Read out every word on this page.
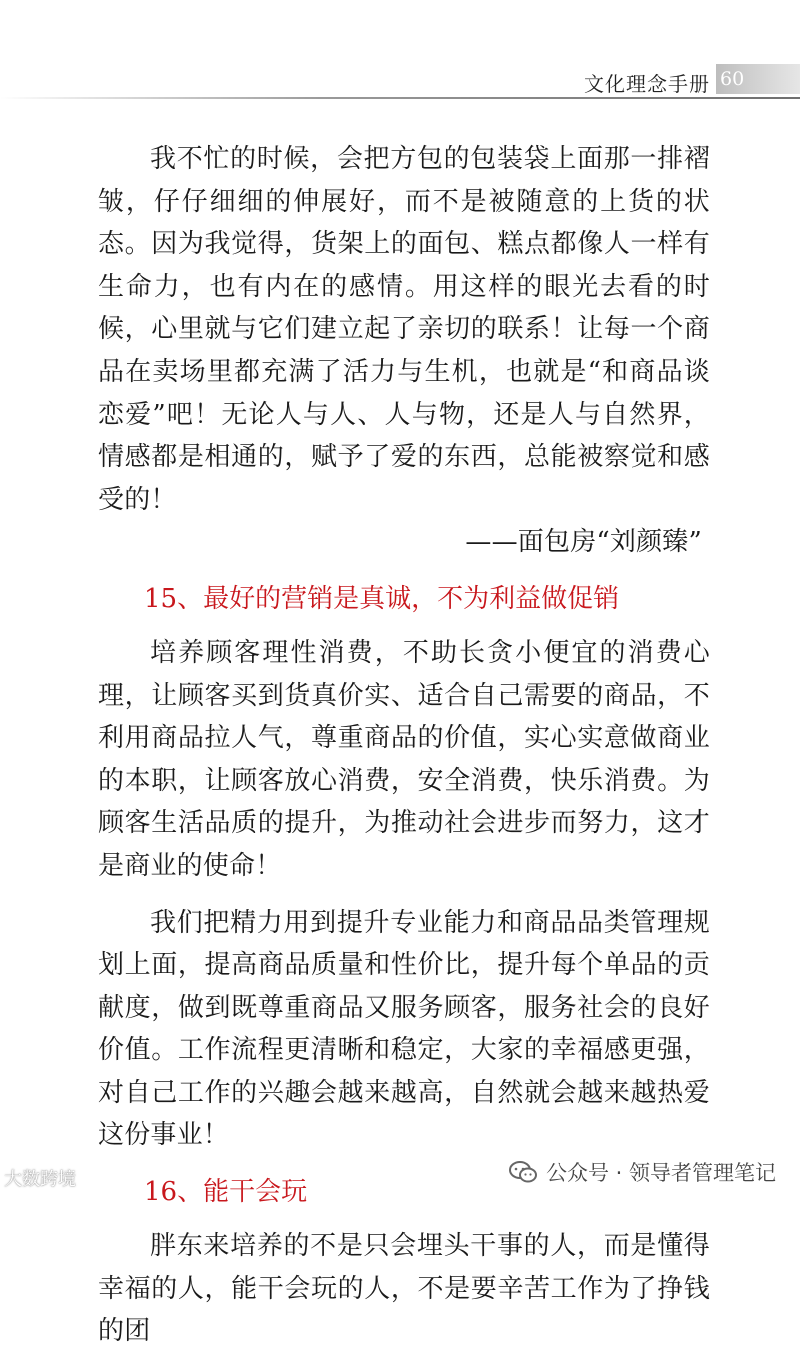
文化理念手册 60

我不忙的时候，会把方包的包装袋上面那一排褶皱，仔仔细细的伸展好，而不是被随意的上货的状态。因为我觉得，货架上的面包、糕点都像人一样有生命力，也有内在的感情。用这样的眼光去看的时候，心里就与它们建立起了亲切的联系！让每一个商品在卖场里都充满了活力与生机，也就是“和商品谈恋爱”吧！无论人与人、人与物，还是人与自然界，情感都是相通的，赋予了爱的东西，总能被察觉和感受的！

——面包房“刘颜臻”

15、最好的营销是真诚，不为利益做促销

培养顾客理性消费，不助长贪小便宜的消费心理，让顾客买到货真价实、适合自己需要的商品，不利用商品拉人气，尊重商品的价值，实心实意做商业的本职，让顾客放心消费，安全消费，快乐消费。为顾客生活品质的提升，为推动社会进步而努力，这才是商业的使命！

我们把精力用到提升专业能力和商品品类管理规划上面，提高商品质量和性价比，提升每个单品的贡献度，做到既尊重商品又服务顾客，服务社会的良好价值。工作流程更清晰和稳定，大家的幸福感更强，对自己工作的兴趣会越来越高，自然就会越来越热爱这份事业！

16、能干会玩

胖东来培养的不是只会埋头干事的人，而是懂得幸福的人，能干会玩的人，不是要辛苦工作为了挣钱的团

大数跨境	公众号 · 领导者管理笔记
